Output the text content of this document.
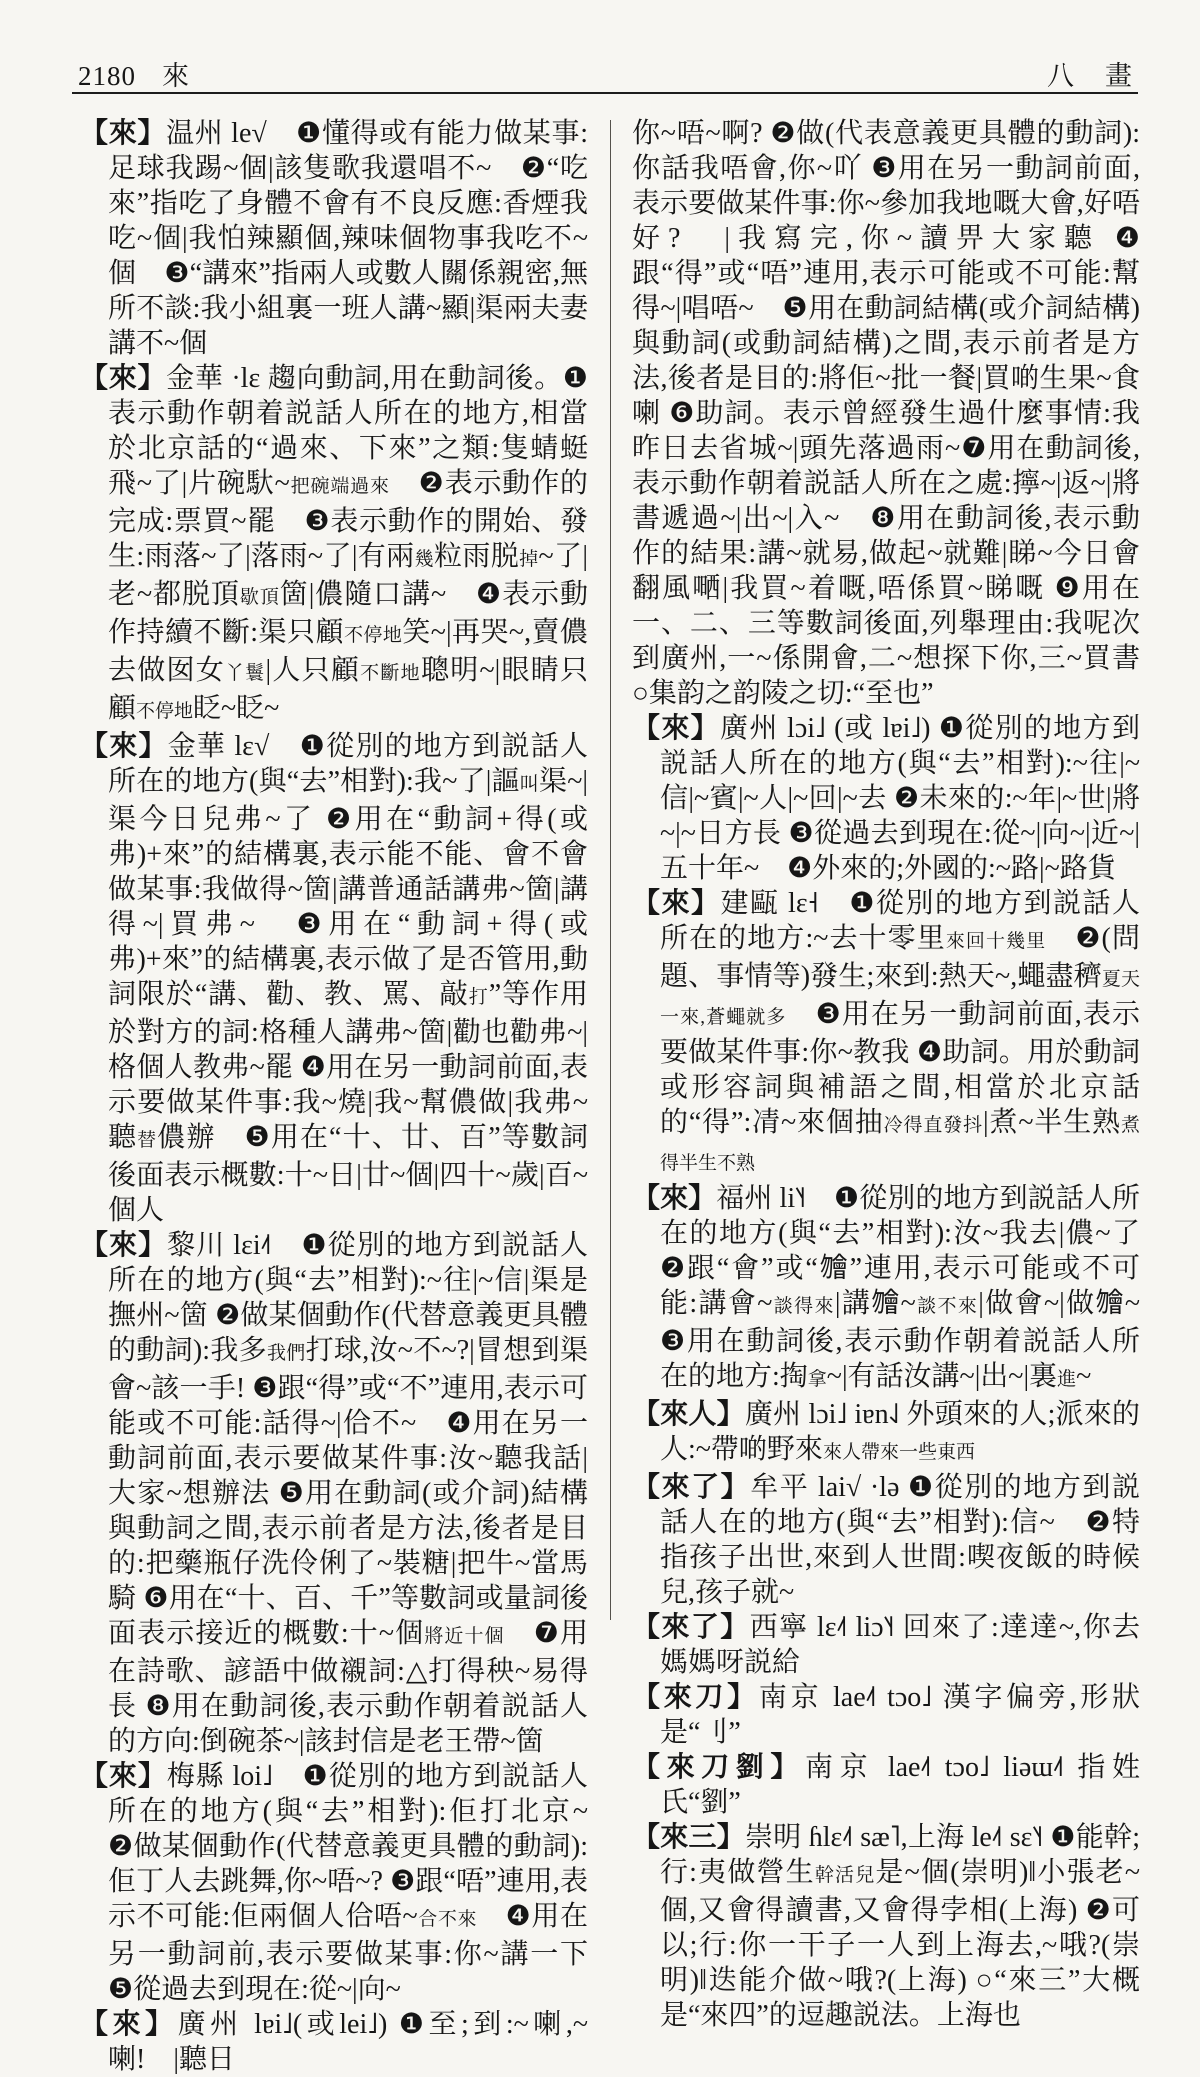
2180 來	八　畫

【來】温州 le√　❶懂得或有能力做某事:足球我踢~個|該隻歌我還唱不~　❷“吃來”指吃了身體不會有不良反應:香煙我吃~個|我怕辣顯個,辣味個物事我吃不~個　❸“講來”指兩人或數人關係親密,無所不談:我小組裏一班人講~顯|渠兩夫妻講不~個

【來】金華 ·lɛ 趨向動詞,用在動詞後。❶表示動作朝着説話人所在的地方,相當於北京話的“過來、下來”之類:隻蜻蜓飛~了|片碗馱~把碗端過來　❷表示動作的完成:票買~罷　❸表示動作的開始、發生:雨落~了|落雨~了|有兩幾粒雨脱掉~了|老~都脱頂歇頂箇|儂隨口講~　❹表示動作持續不斷:渠只顧不停地笑~|再哭~,賣儂去做囡女丫鬟|人只顧不斷地聰明~|眼睛只顧不停地眨~眨~

【來】金華 lɛ√　❶從別的地方到説話人所在的地方(與“去”相對):我~了|謳叫渠~|渠今日兒弗~了 ❷用在“動詞+得(或弗)+來”的結構裏,表示能不能、會不會做某事:我做得~箇|講普通話講弗~箇|講得~|買弗~　❸用在“動詞+得(或弗)+來”的結構裏,表示做了是否管用,動詞限於“講、勸、教、罵、敲打”等作用於對方的詞:格種人講弗~箇|勸也勸弗~|格個人教弗~罷 ❹用在另一動詞前面,表示要做某件事:我~燒|我~幫儂做|我弗~聽替儂辦　❺用在“十、廿、百”等數詞後面表示概數:十~日|廿~個|四十~歲|百~個人

【來】黎川 lɛi˨˦　❶從別的地方到説話人所在的地方(與“去”相對):~往|~信|渠是撫州~箇 ❷做某個動作(代替意義更具體的動詞):我多我們打球,汝~不~?|冒想到渠會~該一手! ❸跟“得”或“不”連用,表示可能或不可能:話得~|佮不~　❹用在另一動詞前面,表示要做某件事:汝~聽我話|大家~想辦法 ❺用在動詞(或介詞)結構與動詞之間,表示前者是方法,後者是目的:把藥瓶仔洗伶俐了~裝糖|把牛~當馬騎 ❻用在“十、百、千”等數詞或量詞後面表示接近的概數:十~個將近十個　❼用在詩歌、諺語中做襯詞:△打得秧~易得長 ❽用在動詞後,表示動作朝着説話人的方向:倒碗茶~|該封信是老王帶~箇

【來】梅縣 loi˩　❶從別的地方到説話人所在的地方(與“去”相對):佢打北京~　❷做某個動作(代替意義更具體的動詞):佢丁人去跳舞,你~唔~? ❸跟“唔”連用,表示不可能:佢兩個人佮唔~合不來　❹用在另一動詞前,表示要做某事:你~講一下 ❺從過去到現在:從~|向~

【來】廣州 lɐi˩(或lei˩) ❶至;到:~喇,~喇!　|聽日

你~唔~啊? ❷做(代表意義更具體的動詞):你話我唔會,你~吖 ❸用在另一動詞前面,表示要做某件事:你~參加我地嘅大會,好唔好?　|我寫完,你~讀畀大家聽 ❹跟“得”或“唔”連用,表示可能或不可能:幫得~|唱唔~　❺用在動詞結構(或介詞結構)與動詞(或動詞結構)之間,表示前者是方法,後者是目的:將佢~批一餐|買啲生果~食喇 ❻助詞。表示曾經發生過什麼事情:我昨日去省城~|頭先落過雨~❼用在動詞後,表示動作朝着説話人所在之處:擰~|返~|將書遞過~|出~|入~　❽用在動詞後,表示動作的結果:講~就易,做起~就難|睇~今日會翻風嗮|我買~着嘅,唔係買~睇嘅 ❾用在一、二、三等數詞後面,列舉理由:我呢次到廣州,一~係開會,二~想探下你,三~買書 ○集韵之韵陵之切:“至也”

【來】廣州 lɔi˩ (或 lɐi˩) ❶從別的地方到説話人所在的地方(與“去”相對):~往|~信|~賓|~人|~回|~去 ❷未來的:~年|~世|將~|~日方長 ❸從過去到現在:從~|向~|近~|五十年~　❹外來的;外國的:~路|~路貨

【來】建甌 lɛ˧　❶從別的地方到説話人所在的地方:~去十零里來回十幾里　❷(問題、事情等)發生;來到:熱天~,蠅盡穧夏天一來,蒼蠅就多　❸用在另一動詞前面,表示要做某件事:你~教我 ❹助詞。用於動詞或形容詞與補語之間,相當於北京話的“得”:凊~來個抽冷得直發抖|煮~半生熟煮得半生不熟

【來】福州 li˥˧　❶從別的地方到説話人所在的地方(與“去”相對):汝~我去|儂~了 ❷跟“會”或“𣍐”連用,表示可能或不可能:講會~談得來|講𣍐~談不來|做會~|做𣍐~　❸用在動詞後,表示動作朝着説話人所在的地方:掏拿~|有話汝講~|出~|裏進~

【來人】廣州 lɔi˩ iɐn˨˩ 外頭來的人;派來的人:~帶啲野來來人帶來一些東西

【來了】牟平 lai√ ·lə ❶從別的地方到説話人在的地方(與“去”相對):信~　❷特指孩子出世,來到人世間:喫夜飯的時候兒,孩子就~

【來了】西寧 lɛ˨˦ liɔ˥˧ 回來了:達達~,你去媽媽呀説給

【來刀】南京 lae˨˦ tɔo˩ 漢字偏旁,形狀是“刂”

【來刀劉】南京 lae˨˦ tɔo˩ liəɯ˨˦ 指姓氏“劉”

【來三】崇明 ɦlɛ˨˦ sæ˥,上海 le˨˦ sɛ˥˧ ❶能幹;行:夷做營生幹活兒是~個(崇明)‖小張老~個,又會得讀書,又會得孛相(上海) ❷可以;行:你一干子一人到上海去,~哦?(崇明)‖迭能介做~哦?(上海) ○“來三”大概是“來四”的逗趣説法。上海也
